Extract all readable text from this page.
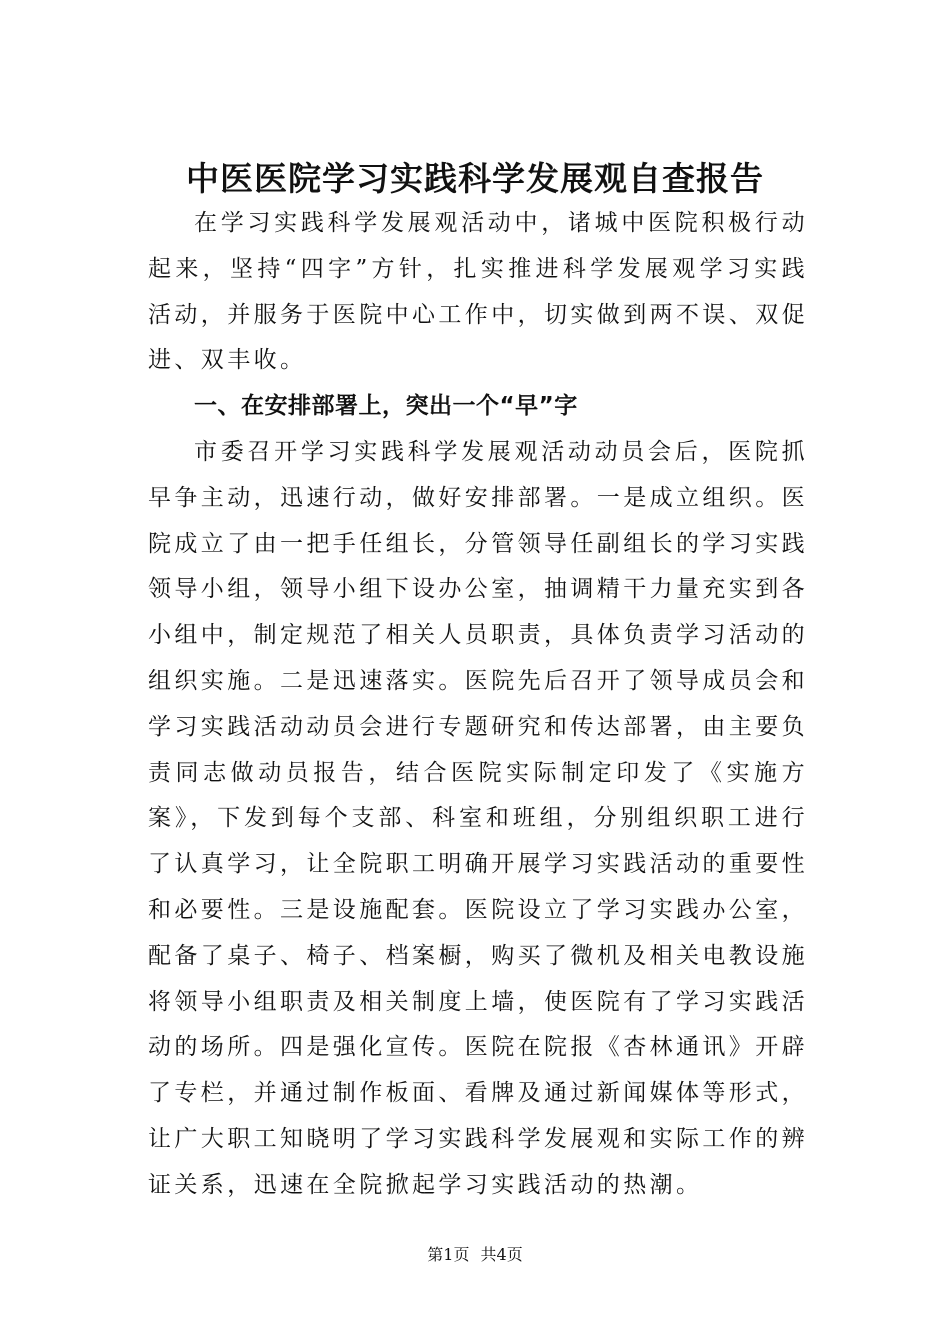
中医医院学习实践科学发展观自查报告

在学习实践科学发展观活动中，诸城中医院积极行动起来，坚持“四字”方针，扎实推进科学发展观学习实践活动，并服务于医院中心工作中，切实做到两不误、双促进、双丰收。

一、在安排部署上，突出一个“早”字

市委召开学习实践科学发展观活动动员会后，医院抓早争主动，迅速行动，做好安排部署。一是成立组织。医院成立了由一把手任组长，分管领导任副组长的学习实践领导小组，领导小组下设办公室，抽调精干力量充实到各小组中，制定规范了相关人员职责，具体负责学习活动的组织实施。二是迅速落实。医院先后召开了领导成员会和学习实践活动动员会进行专题研究和传达部署，由主要负责同志做动员报告，结合医院实际制定印发了《实施方案》，下发到每个支部、科室和班组，分别组织职工进行了认真学习，让全院职工明确开展学习实践活动的重要性和必要性。三是设施配套。医院设立了学习实践办公室，配备了桌子、椅子、档案橱，购买了微机及相关电教设施将领导小组职责及相关制度上墙，使医院有了学习实践活动的场所。四是强化宣传。医院在院报《杏林通讯》开辟了专栏，并通过制作板面、看牌及通过新闻媒体等形式，让广大职工知晓明了学习实践科学发展观和实际工作的辨证关系，迅速在全院掀起学习实践活动的热潮。

第1页 共4页
